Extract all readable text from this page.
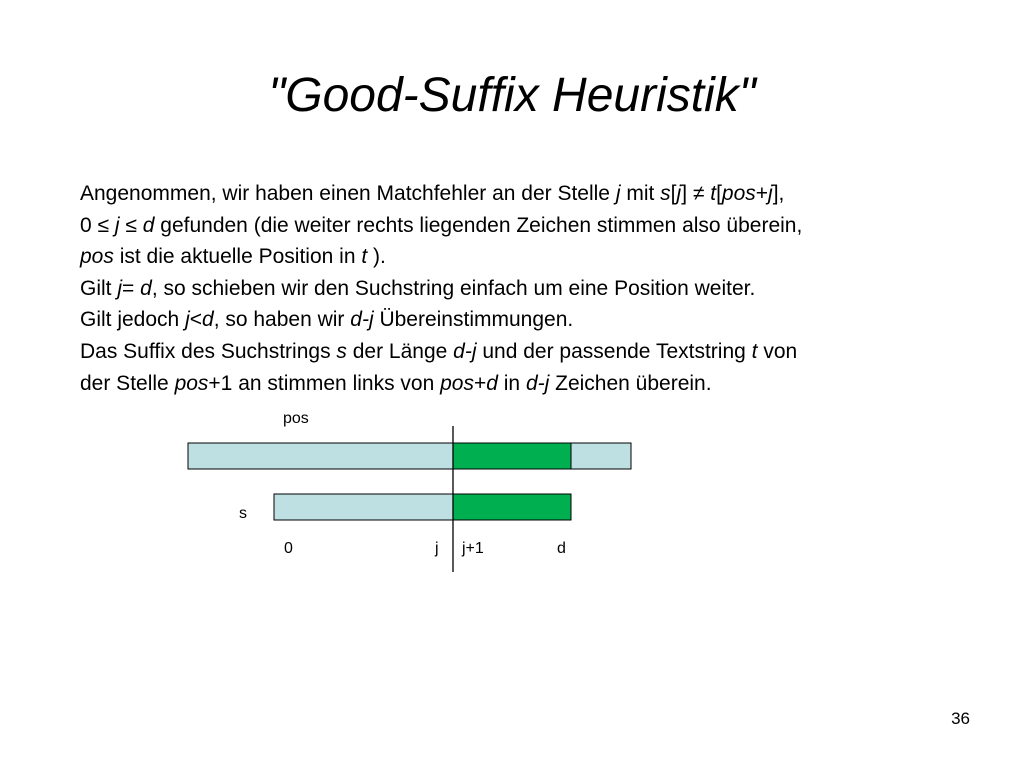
"Good-Suffix Heuristik"
Angenommen, wir haben einen Matchfehler an der Stelle j mit s[j] ≠ t[pos+j],
0 ≤ j ≤ d gefunden (die weiter rechts liegenden Zeichen stimmen also überein,
pos ist die aktuelle Position in t ).
Gilt j= d, so schieben wir den Suchstring einfach um eine Position weiter.
Gilt jedoch j<d, so haben wir d-j Übereinstimmungen.
Das Suffix des Suchstrings s der Länge d-j und der passende Textstring t von
der Stelle pos+1 an stimmen links von pos+d in d-j Zeichen überein.
pos
s
0	j j+1	d
36
